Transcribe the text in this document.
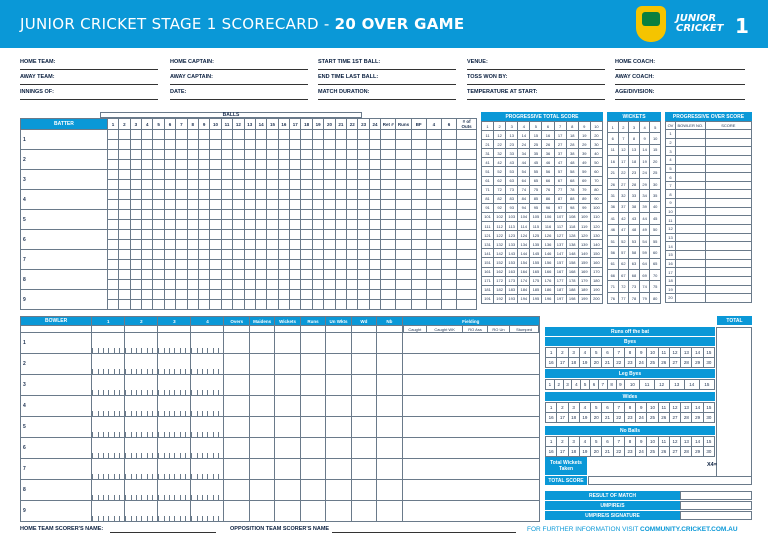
JUNIOR CRICKET STAGE 1 SCORECARD - 20 OVER GAME	JUNIOR
CRICKET 1
HOME TEAM:	HOME CAPTAIN:	START TIME 1ST BALL:	VENUE:	HOME COACH:
AWAY TEAM:	AWAY CAPTAIN:	END TIME LAST BALL:	TOSS WON BY:	AWAY COACH:
INNINGS OF:	DATE:	MATCH DURATION:	TEMPERATURE AT START:	AGE/DIVISION:
BALLS
BATTER	1	2	3	4	5	6	7	8	9	10	11	12	13	14	15	16	17	18	19	20	21	22	23	24	Ret #	Runs	BF	4	6	# of Outs
1																														

2																														

3																														

4																														

5																														

6																														

7																														

8																														

9																														

PROGRESSIVE TOTAL SCORE
1	2	3	4	5	6	7	8	9	10
11	12	13	14	15	16	17	18	19	20
21	22	23	24	25	26	27	28	29	30
31	32	33	34	35	36	37	38	39	40
41	42	43	44	45	46	47	48	49	50
51	52	53	54	55	56	57	58	59	60
61	62	63	64	65	66	67	68	69	70
71	72	73	74	75	76	77	78	79	80
81	82	83	84	85	86	87	88	89	90
91	92	93	94	95	96	97	98	99	100
101	102	103	104	105	106	107	108	109	110
111	112	113	114	115	116	117	118	119	120
121	122	123	124	125	126	127	128	129	130
131	132	133	134	135	136	137	138	139	140
141	142	143	144	145	146	147	148	149	150
151	152	153	154	155	156	157	158	159	160
161	162	163	164	165	166	167	168	169	170
171	172	173	174	175	176	177	178	179	180
181	182	183	184	185	186	187	188	189	190
191	192	193	194	195	196	197	198	199	200
WICKETS
1	2	3	4	5
6	7	8	9	10
11	12	13	14	15
16	17	18	19	20
21	22	23	24	25
26	27	28	29	30
31	32	33	34	35
36	37	38	39	40
41	42	43	44	45
46	47	48	49	50
51	52	53	54	55
56	57	58	59	60
61	62	63	64	65
66	67	68	69	70
71	72	73	74	75
76	77	78	79	80
PROGRESSIVE OVER SCORE
OV	BOWLER NO.	SCORE
1		
2		
3		
4		
5		
6		
7		
8		
9		
10		
11		
12		
13		
14		
15		
16		
17		
18		
19		
20		
BOWLER	1	2	3	4	Overs	Maidens	Wickets	Runs	Un Wkts	Wd	Nb	Fielding

Caught	Caught WK	RO Ass	RO Un	Stumped

1	

2	

3	

4	

5	

6	

7	

8	

9	

TOTAL
Runs off the bat
Byes
1	2	3	4	5	6	7	8	9	10	11	12	13	14	15
16	17	18	19	20	21	22	23	24	25	26	27	28	29	30
Leg Byes
1	2	3	4	5	6	7	8	9	10	11	12	13	14	15
Wides
1	2	3	4	5	6	7	8	9	10	11	12	13	14	15
16	17	18	19	20	21	22	23	24	25	26	27	28	29	30
No Balls
1	2	3	4	5	6	7	8	9	10	11	12	13	14	15
16	17	18	19	20	21	22	23	24	25	26	27	28	29	30
Total Wickets Taken
X4=
TOTAL SCORE
RESULT OF MATCH
UMPIRE/S
UMPIRE/S SIGNATURE
HOME TEAM SCORER'S NAME:	OPPOSITION TEAM SCORER'S NAME	FOR FURTHER INFORMATION VISIT COMMUNITY.CRICKET.COM.AU
